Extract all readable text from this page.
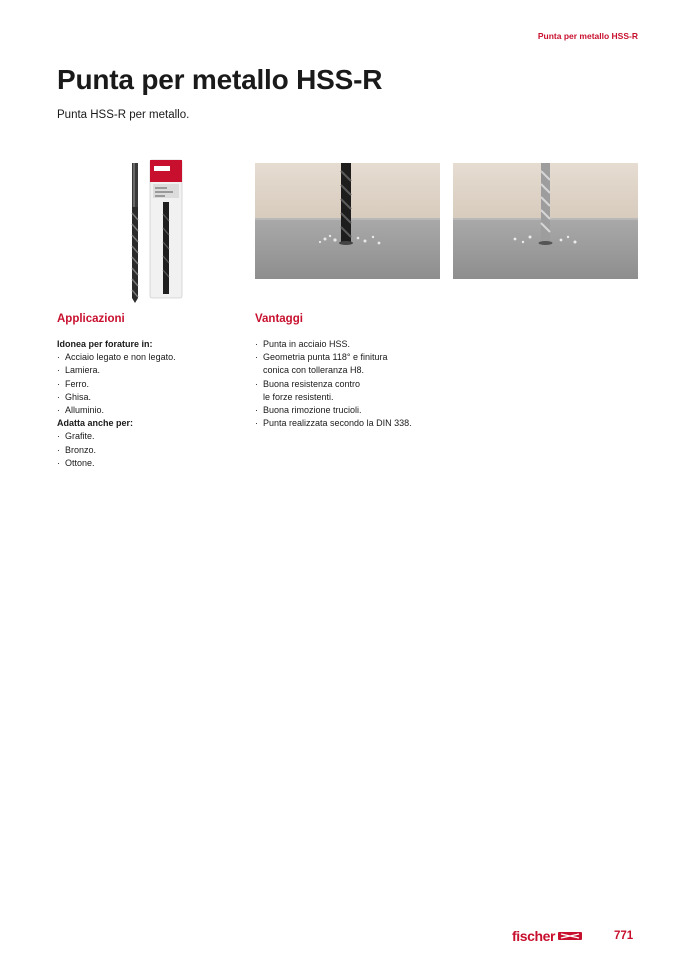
Punta per metallo HSS-R
Punta per metallo HSS-R
Punta HSS-R per metallo.
Applicazioni	Vantaggi
Idonea per forature in:
· Acciaio legato e non legato.
· Lamiera.
· Ferro.
· Ghisa.
· Alluminio.
Adatta anche per:
· Grafite.
· Bronzo.
· Ottone.
· Punta in acciaio HSS.
· Geometria punta 118° e finitura
conica con tolleranza H8.
· Buona resistenza contro
le forze resistenti.
· Buona rimozione trucioli.
· Punta realizzata secondo la DIN 338.
fischer	771
